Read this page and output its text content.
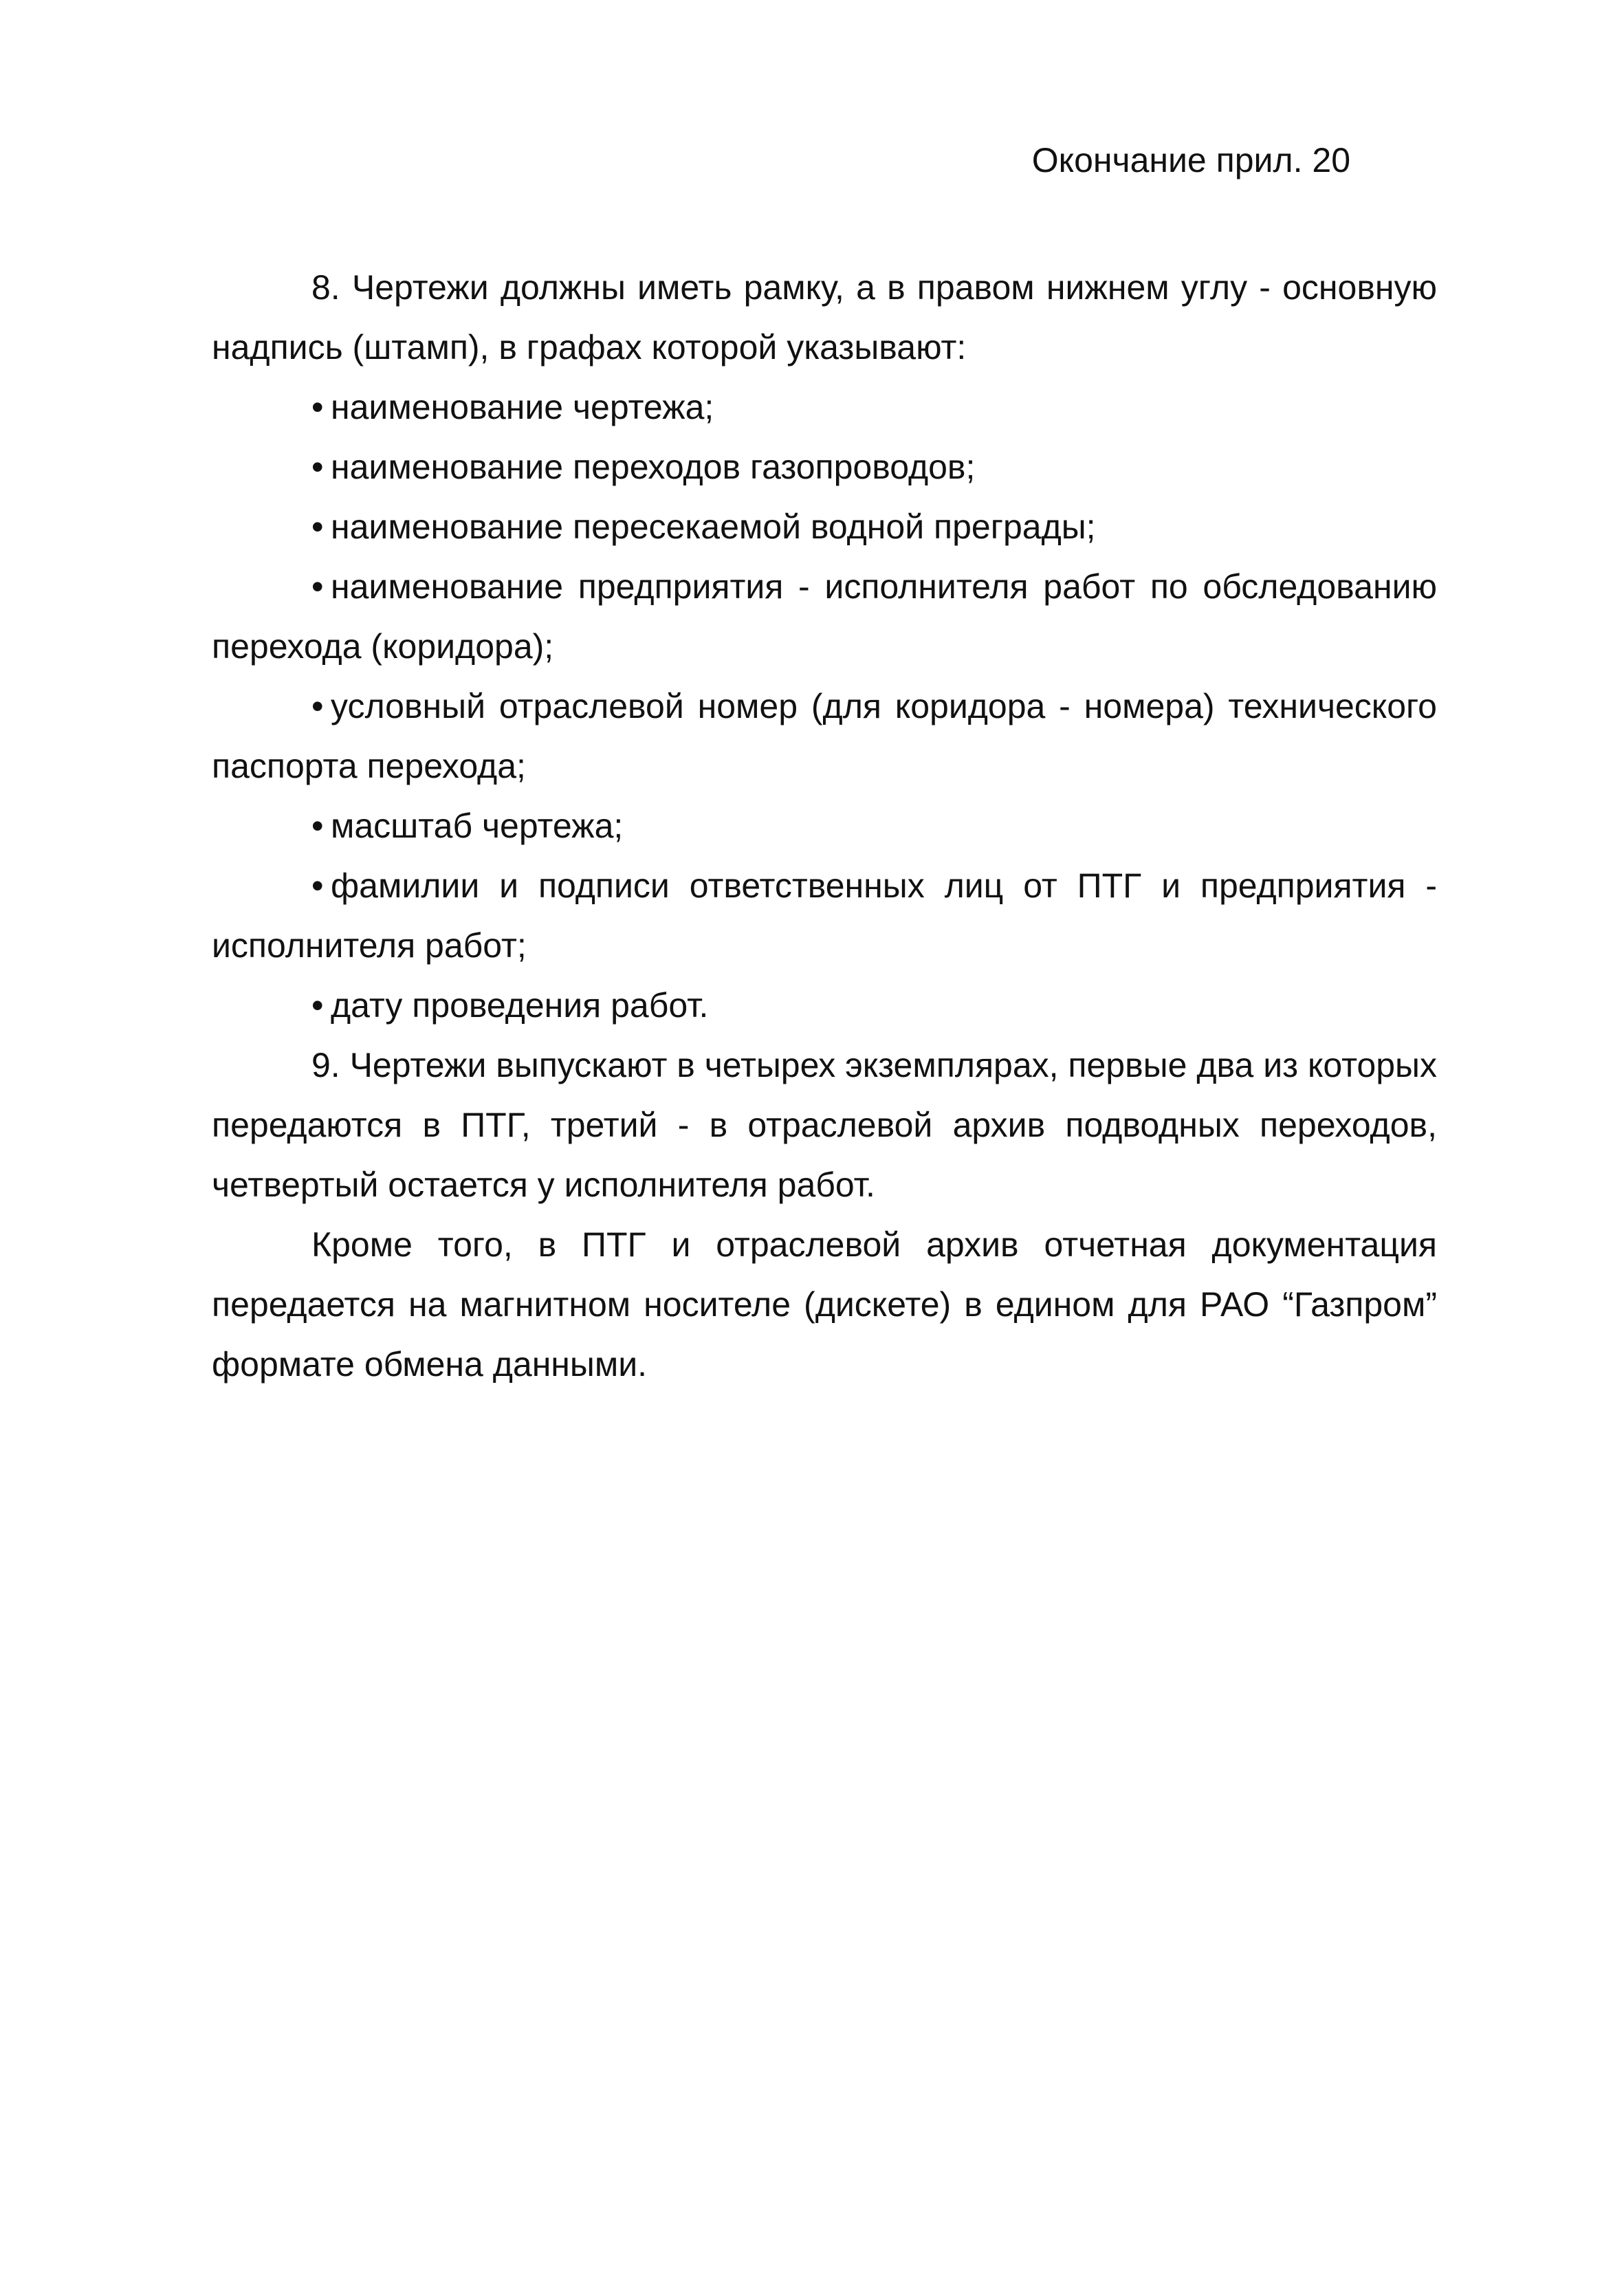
Окончание прил. 20

8. Чертежи должны иметь рамку, а в правом нижнем углу - основную надпись (штамп), в графах которой указывают:

• наименование чертежа;

• наименование переходов газопроводов;

• наименование пересекаемой водной преграды;

• наименование предприятия - исполнителя работ по обследованию перехода (коридора);

• условный отраслевой номер (для коридора - номера) технического паспорта перехода;

• масштаб чертежа;

• фамилии и подписи ответственных лиц от ПТГ и предприятия - исполнителя работ;

• дату проведения работ.

9. Чертежи выпускают в четырех экземплярах, первые два из которых передаются в ПТГ, третий - в отраслевой архив подводных переходов, четвертый остается у исполнителя работ.

Кроме того, в ПТГ и отраслевой архив отчетная документация передается на магнитном носителе (дискете) в едином для РАО “Газпром” формате обмена данными.
